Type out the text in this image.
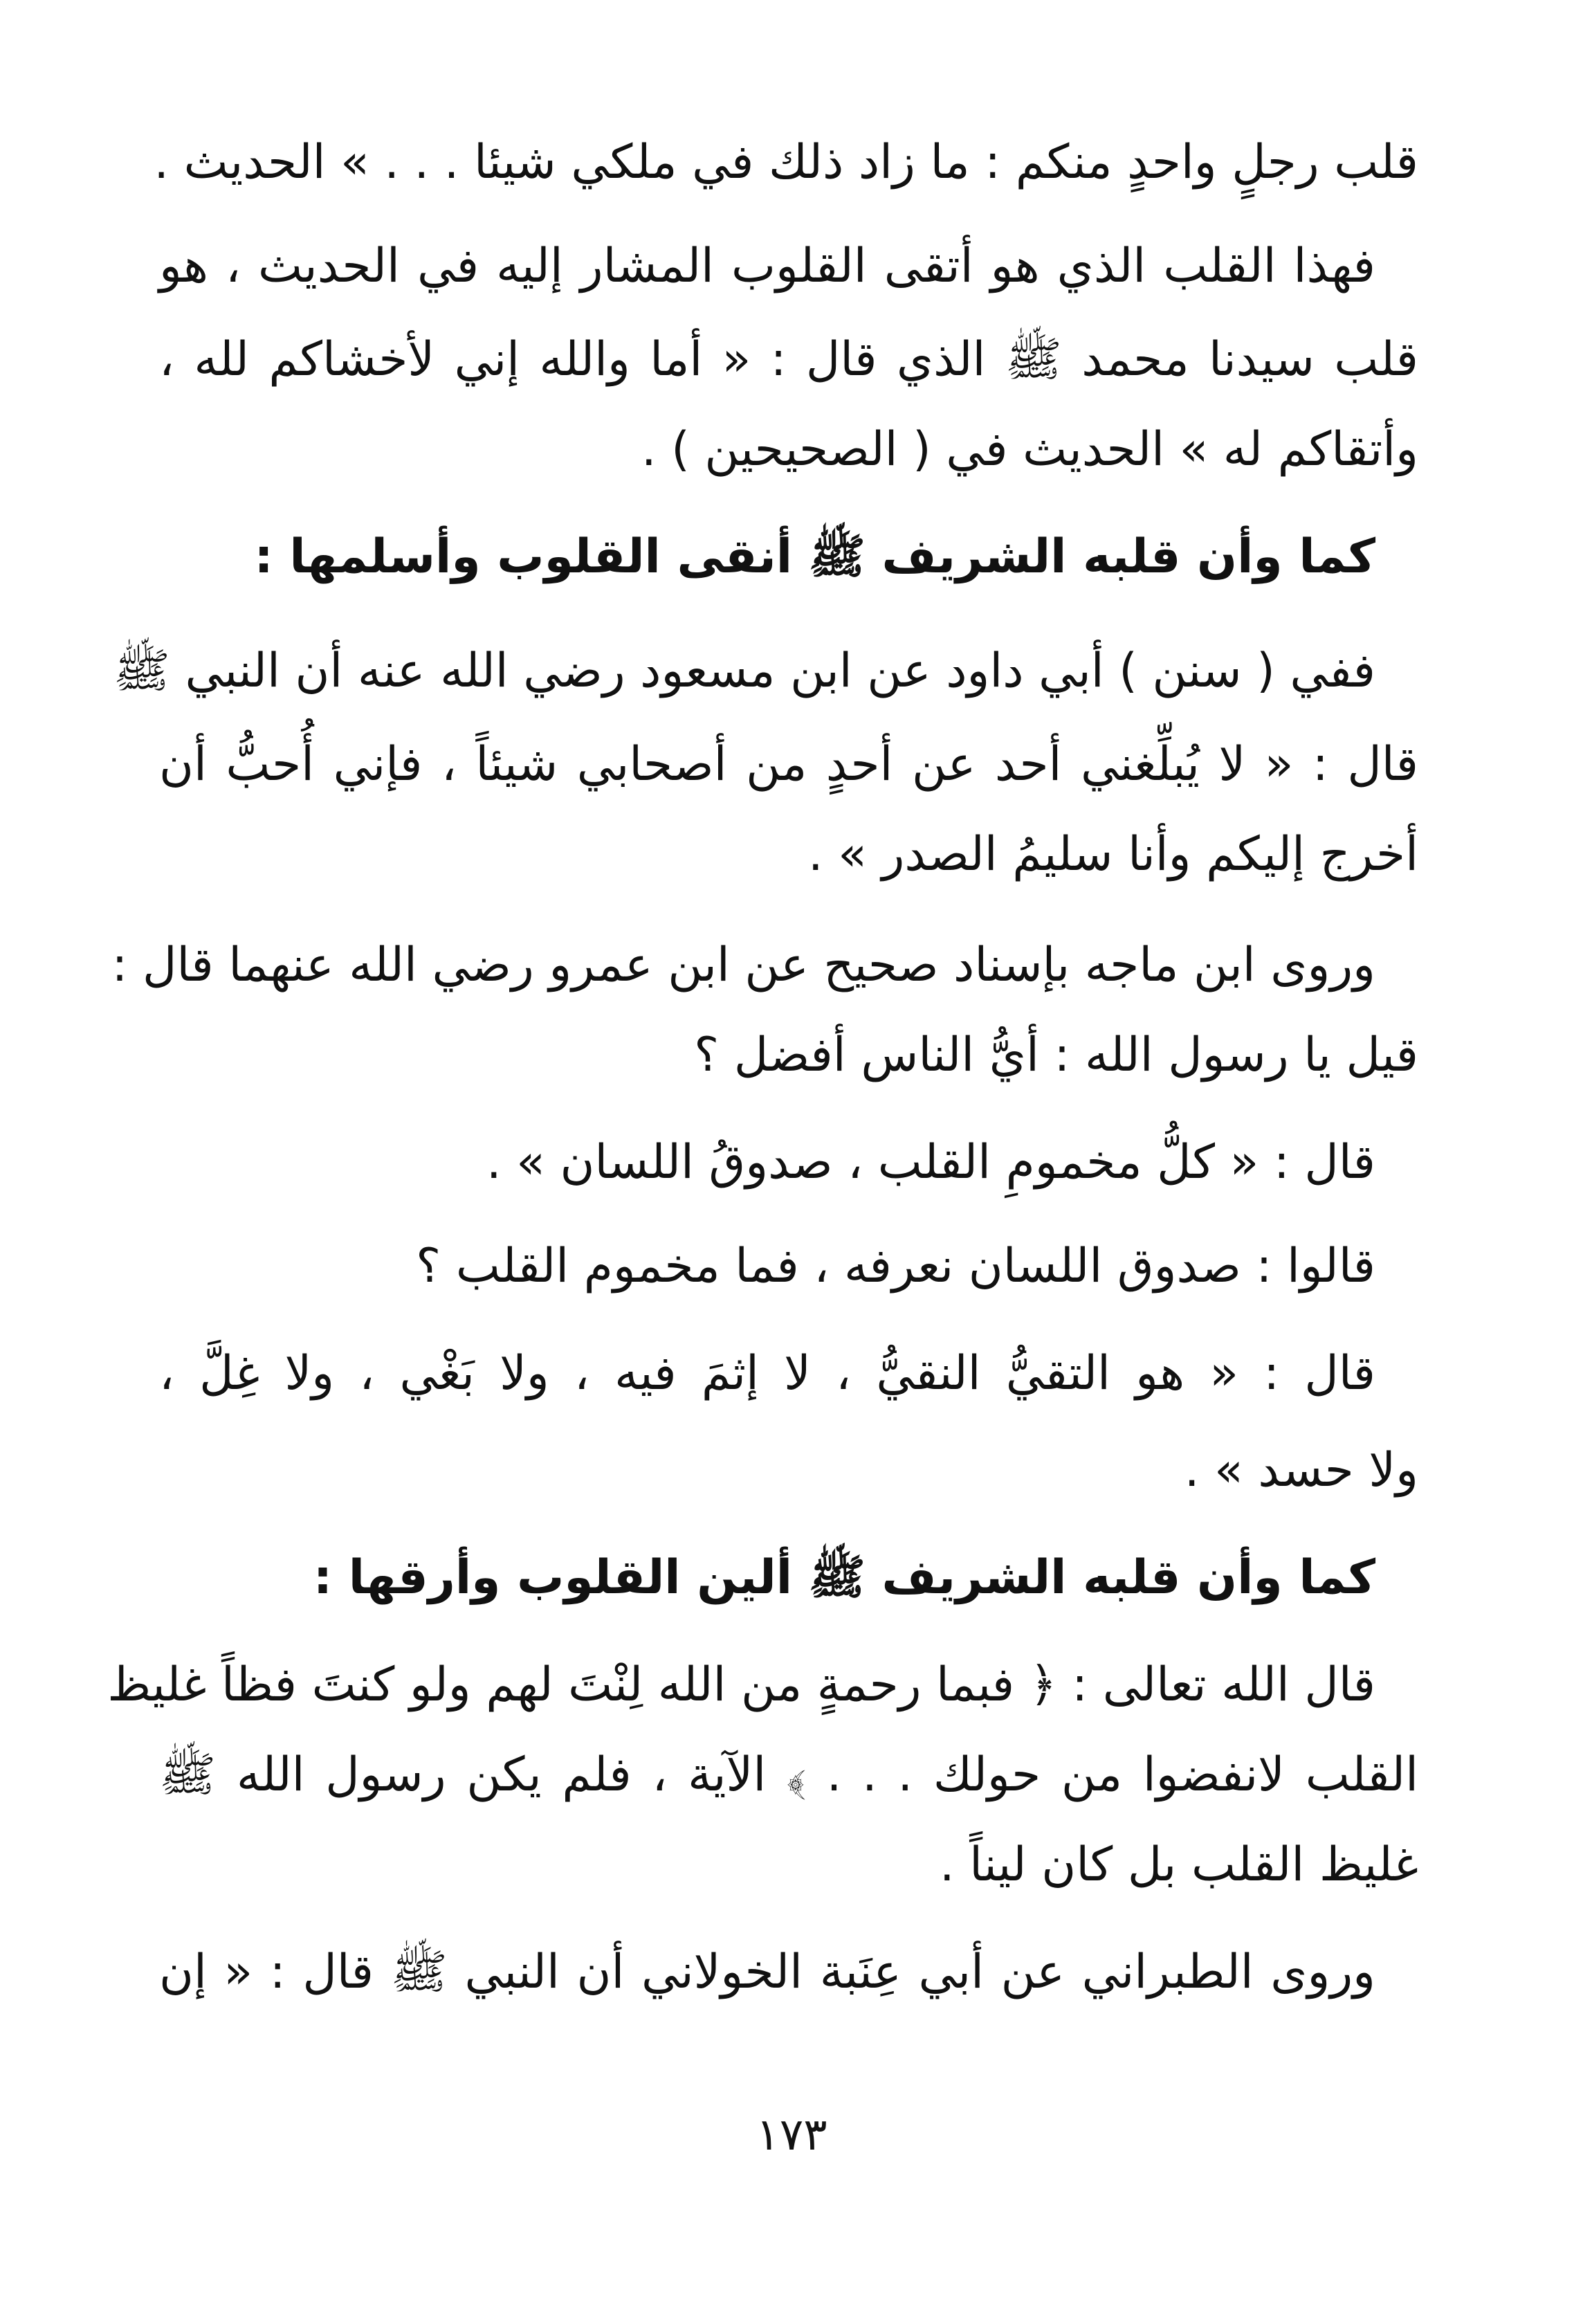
قلب رجلٍ واحدٍ منكم : ما زاد ذلك في ملكي شيئا . . . » الحديث .
فهذا القلب الذي هو أتقى القلوب المشار إليه في الحديث ، هو
قلب سيدنا محمد ﷺ الذي قال : « أما والله إني لأخشاكم لله ،
وأتقاكم له » الحديث في ( الصحيحين ) .
كما وأن قلبه الشريف ﷺ أنقى القلوب وأسلمها :
ففي ( سنن ) أبي داود عن ابن مسعود رضي الله عنه أن النبي ﷺ
قال : « لا يُبلِّغني أحد عن أحدٍ من أصحابي شيئاً ، فإني أُحبُّ أن
أخرج إليكم وأنا سليمُ الصدر » .
وروى ابن ماجه بإسناد صحيح عن ابن عمرو رضي الله عنهما قال :
قيل يا رسول الله : أيُّ الناس أفضل ؟
قال : « كلُّ مخمومِ القلب ، صدوقُ اللسان » .
قالوا : صدوق اللسان نعرفه ، فما مخموم القلب ؟
قال : « هو التقيُّ النقيُّ ، لا إثمَ فيه ، ولا بَغْي ، ولا غِلَّ ،
ولا حسد » .
كما وأن قلبه الشريف ﷺ ألين القلوب وأرقها :
قال الله تعالى : ﴿ فبما رحمةٍ من الله لِنْتَ لهم ولو كنتَ فظاً غليظ
القلب لانفضوا من حولك . . . ﴾ الآية ، فلم يكن رسول الله ﷺ
غليظ القلب بل كان ليناً .
وروى الطبراني عن أبي عِنَبة الخولاني أن النبي ﷺ قال : « إن
١٧٣
